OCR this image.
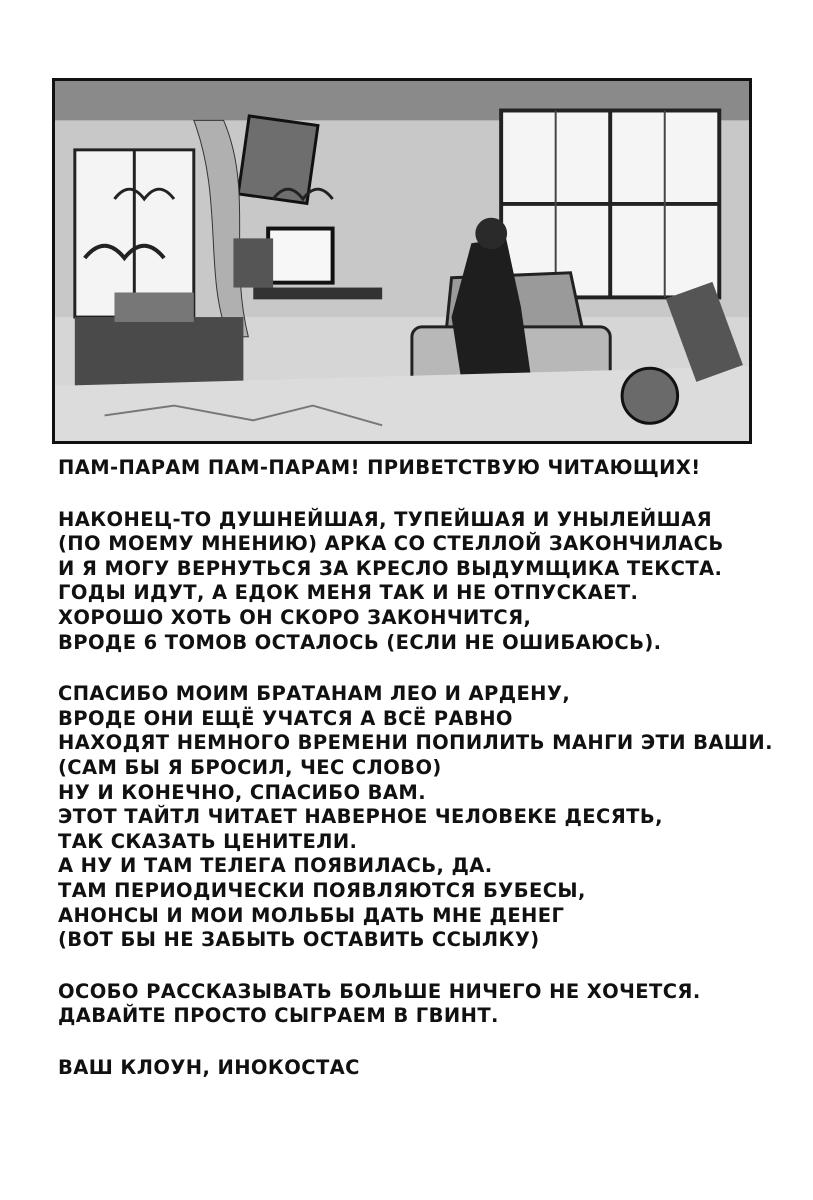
ПАМ-ПАРАМ ПАМ-ПАРАМ! ПРИВЕТСТВУЮ ЧИТАЮЩИХ!
НАКОНЕЦ-ТО ДУШНЕЙШАЯ, ТУПЕЙШАЯ И УНЫЛЕЙШАЯ
(ПО МОЕМУ МНЕНИЮ) АРКА СО СТЕЛЛОЙ ЗАКОНЧИЛАСЬ
И Я МОГУ ВЕРНУТЬСЯ ЗА КРЕСЛО ВЫДУМЩИКА ТЕКСТА.
ГОДЫ ИДУТ, А ЕДОК МЕНЯ ТАК И НЕ ОТПУСКАЕТ.
ХОРОШО ХОТЬ ОН СКОРО ЗАКОНЧИТСЯ,
ВРОДЕ 6 ТОМОВ ОСТАЛОСЬ (ЕСЛИ НЕ ОШИБАЮСЬ).
СПАСИБО МОИМ БРАТАНАМ ЛЕО И АРДЕНУ,
ВРОДЕ ОНИ ЕЩЁ УЧАТСЯ А ВСЁ РАВНО
НАХОДЯТ НЕМНОГО ВРЕМЕНИ ПОПИЛИТЬ МАНГИ ЭТИ ВАШИ.
(САМ БЫ Я БРОСИЛ, ЧЕС СЛОВО)
НУ И КОНЕЧНО, СПАСИБО ВАМ.
ЭТОТ ТАЙТЛ ЧИТАЕТ НАВЕРНОЕ ЧЕЛОВЕКЕ ДЕСЯТЬ,
ТАК СКАЗАТЬ ЦЕНИТЕЛИ.
А НУ И ТАМ ТЕЛЕГА ПОЯВИЛАСЬ, ДА.
ТАМ ПЕРИОДИЧЕСКИ ПОЯВЛЯЮТСЯ БУБЕСЫ,
АНОНСЫ И МОИ МОЛЬБЫ ДАТЬ МНЕ ДЕНЕГ
(ВОТ БЫ НЕ ЗАБЫТЬ ОСТАВИТЬ ССЫЛКУ)
ОСОБО РАССКАЗЫВАТЬ БОЛЬШЕ НИЧЕГО НЕ ХОЧЕТСЯ.
ДАВАЙТЕ ПРОСТО СЫГРАЕМ В ГВИНТ.
ВАШ КЛОУН, ИНОКОСТАС
